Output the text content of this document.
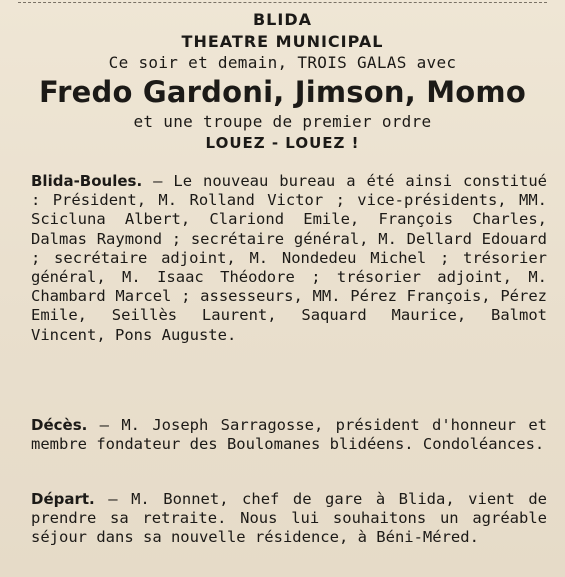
BLIDA
THEATRE MUNICIPAL
Ce soir et demain, TROIS GALAS avec
Fredo Gardoni, Jimson, Momo
et une troupe de premier ordre
LOUEZ - LOUEZ !

Blida-Boules. — Le nouveau bureau a été ainsi constitué : Président, M. Rolland Victor ; vice-présidents, MM. Scicluna Albert, Clariond Emile, François Charles, Dalmas Raymond ; secrétaire général, M. Dellard Edouard ; secrétaire adjoint, M. Nondedeu Michel ; trésorier général, M. Isaac Théodore ; trésorier adjoint, M. Chambard Marcel ; assesseurs, MM. Pérez François, Pérez Emile, Seillès Laurent, Saquard Maurice, Balmot Vincent, Pons Auguste.

Décès. — M. Joseph Sarragosse, président d'honneur et membre fondateur des Boulomanes blidéens. Condoléances.

Départ. — M. Bonnet, chef de gare à Blida, vient de prendre sa retraite. Nous lui souhaitons un agréable séjour dans sa nouvelle résidence, à Béni-Méred.
